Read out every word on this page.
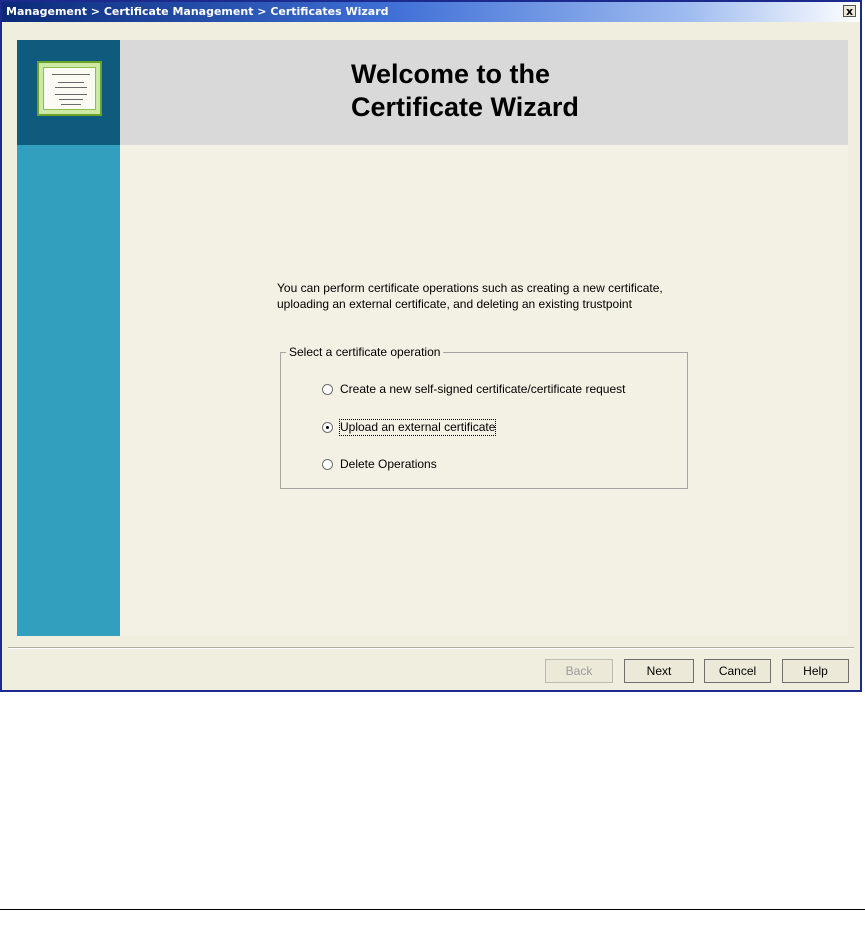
Management > Certificate Management > Certificates Wizard	x
Welcome to the
Certificate Wizard
You can perform certificate operations such as creating a new certificate,
uploading an external certificate, and deleting an existing trustpoint
Select a certificate operation
Create a new self-signed certificate/certificate request
Upload an external certificate
Delete Operations
Back	Next	Cancel	Help
